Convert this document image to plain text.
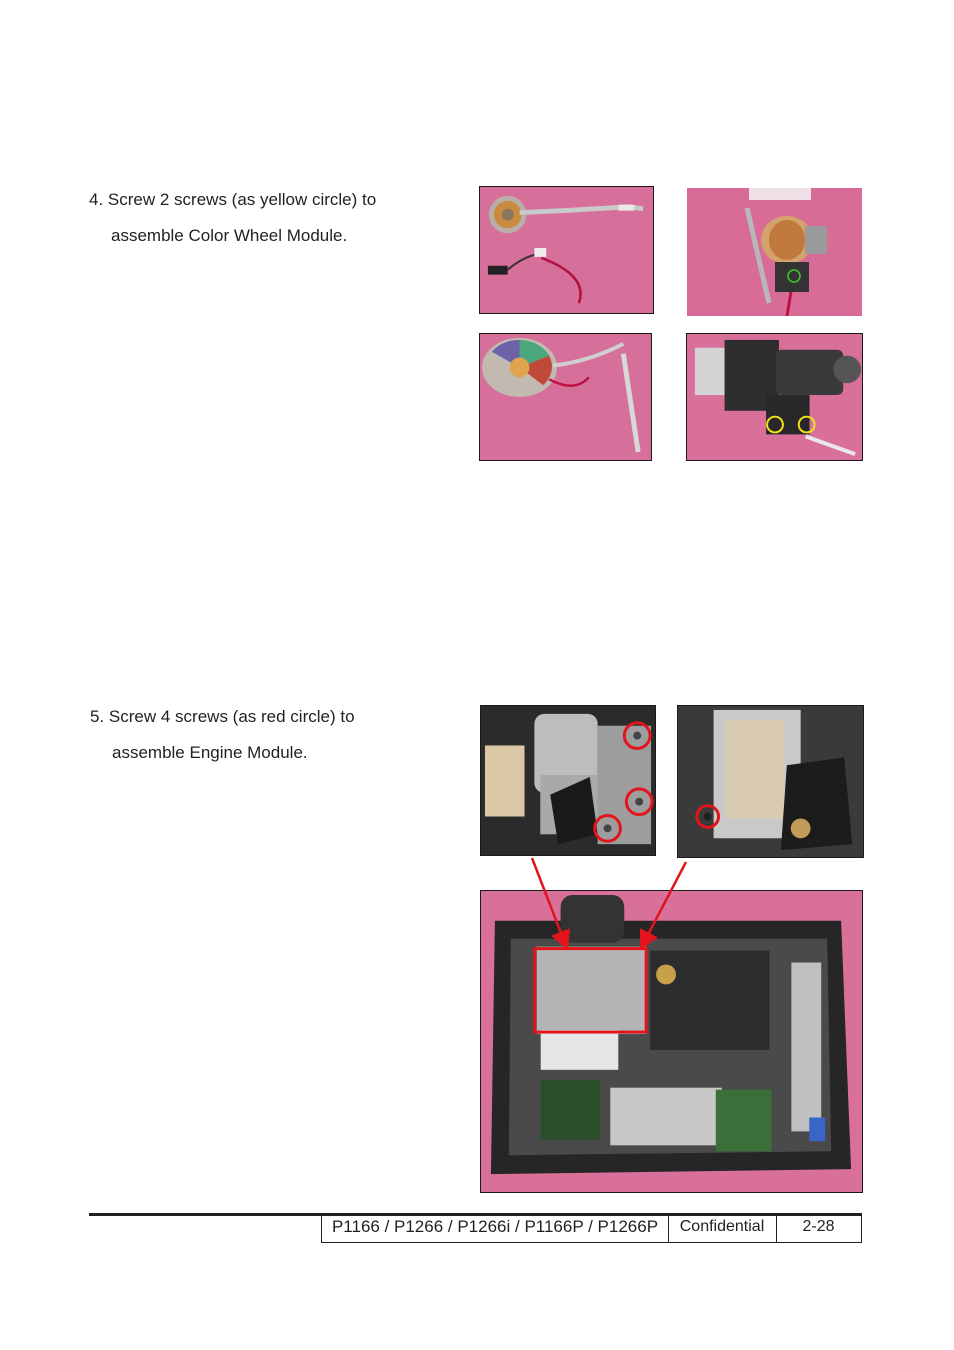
4. Screw 2 screws (as yellow circle) to
assemble Color Wheel Module.
5. Screw 4 screws (as red circle) to
assemble Engine Module.
P1166 / P1266 / P1266i / P1166P / P1266P	Confidential	2-28
